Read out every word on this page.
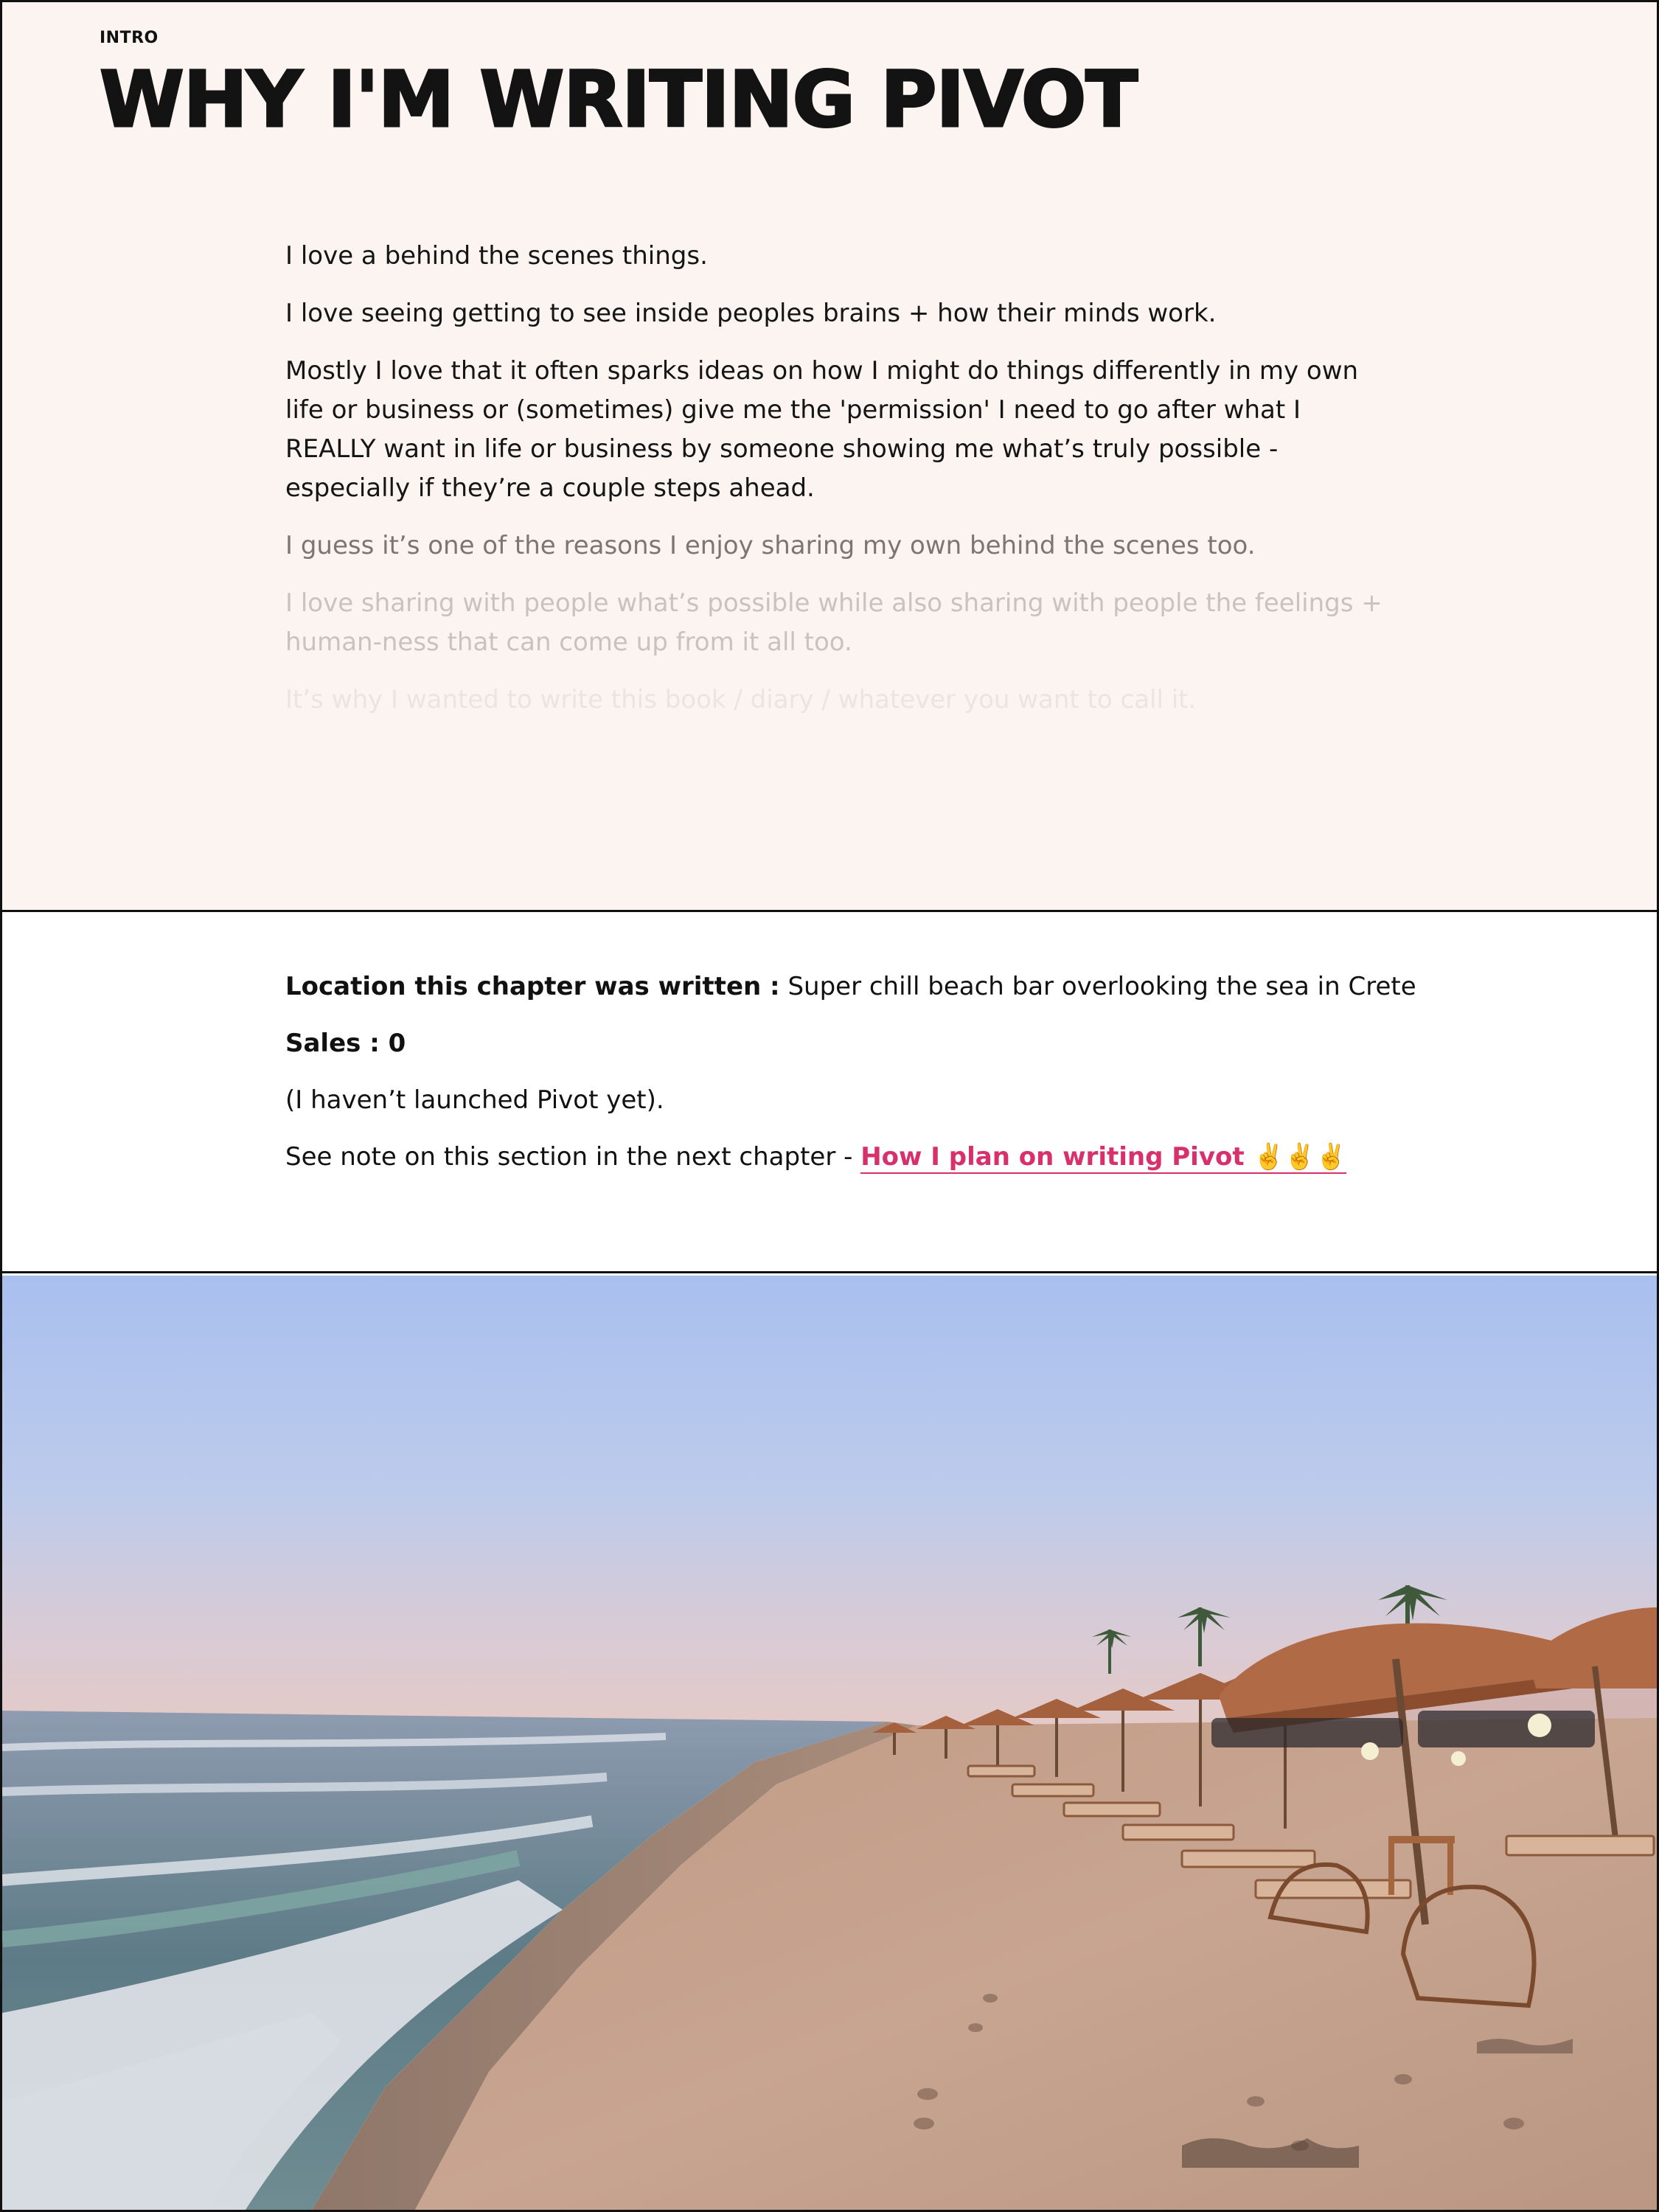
INTRO
WHY I'M WRITING PIVOT

I love a behind the scenes things.

I love seeing getting to see inside peoples brains + how their minds work.

Mostly I love that it often sparks ideas on how I might do things differently in my own life or business or (sometimes) give me the 'permission' I need to go after what I REALLY want in life or business by someone showing me what’s truly possible - especially if they’re a couple steps ahead.

I guess it’s one of the reasons I enjoy sharing my own behind the scenes too.

I love sharing with people what’s possible while also sharing with people the feelings + human-ness that can come up from it all too.

It’s why I wanted to write this book / diary / whatever you want to call it.

Location this chapter was written : Super chill beach bar overlooking the sea in Crete

Sales : 0

(I haven’t launched Pivot yet).

See note on this section in the next chapter - How I plan on writing Pivot ✌️✌️✌️
